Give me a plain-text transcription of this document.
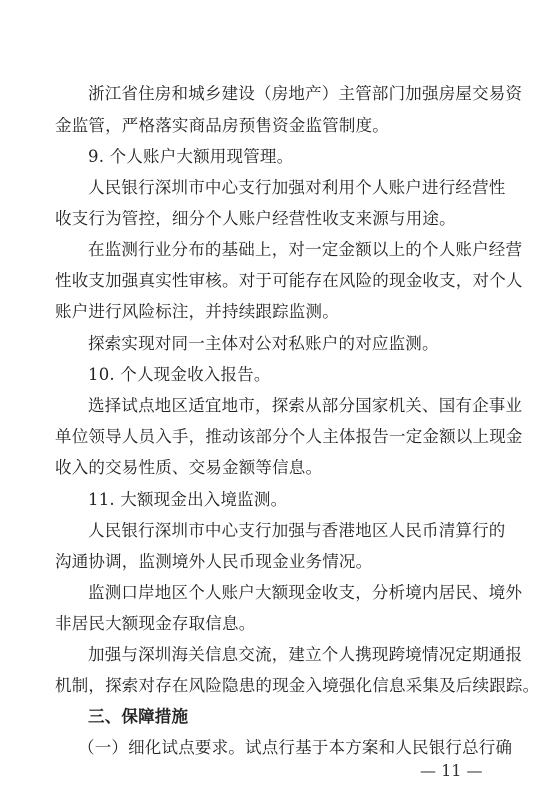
浙江省住房和城乡建设（房地产）主管部门加强房屋交易资
金监管，严格落实商品房预售资金监管制度。
9. 个人账户大额用现管理。
人民银行深圳市中心支行加强对利用个人账户进行经营性
收支行为管控，细分个人账户经营性收支来源与用途。
在监测行业分布的基础上，对一定金额以上的个人账户经营
性收支加强真实性审核。对于可能存在风险的现金收支，对个人
账户进行风险标注，并持续跟踪监测。
探索实现对同一主体对公对私账户的对应监测。
10. 个人现金收入报告。
选择试点地区适宜地市，探索从部分国家机关、国有企事业
单位领导人员入手，推动该部分个人主体报告一定金额以上现金
收入的交易性质、交易金额等信息。
11. 大额现金出入境监测。
人民银行深圳市中心支行加强与香港地区人民币清算行的
沟通协调，监测境外人民币现金业务情况。
监测口岸地区个人账户大额现金收支，分析境内居民、境外
非居民大额现金存取信息。
加强与深圳海关信息交流，建立个人携现跨境情况定期通报
机制，探索对存在风险隐患的现金入境强化信息采集及后续跟踪。
三、保障措施
（一）细化试点要求。试点行基于本方案和人民银行总行确
— 11 —
